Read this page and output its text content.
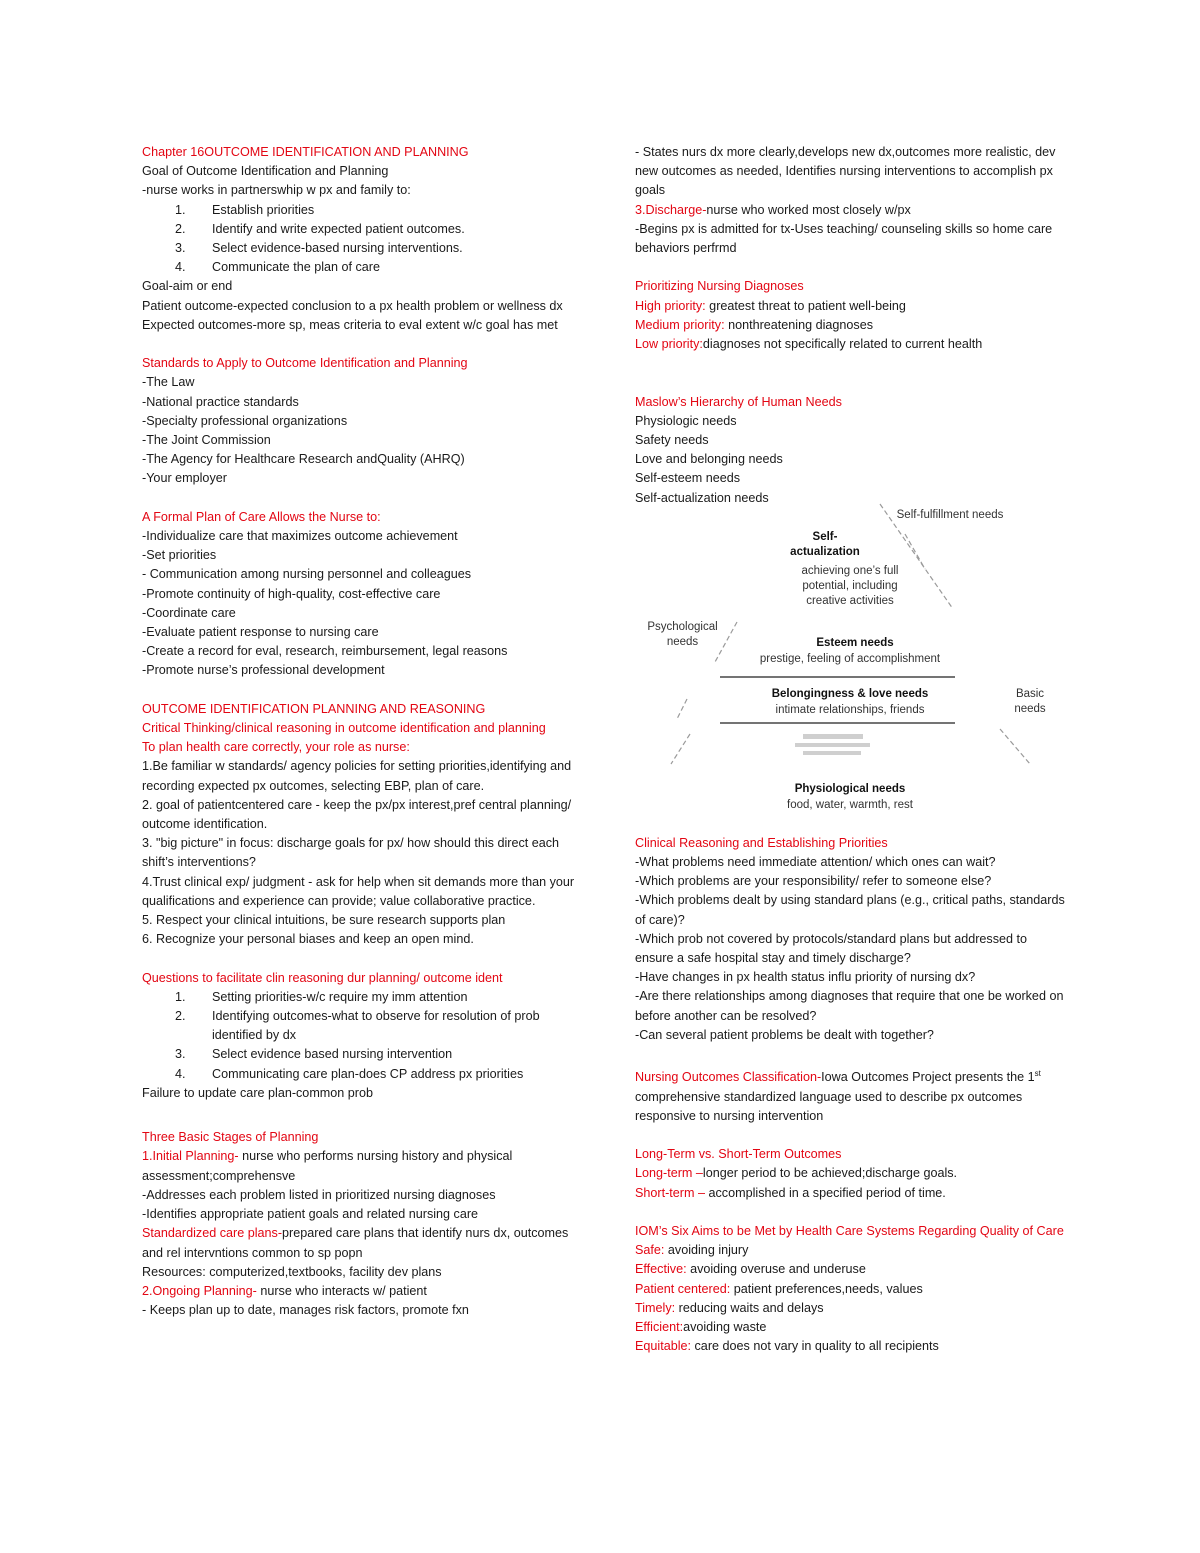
Chapter 16OUTCOME IDENTIFICATION AND PLANNING
Goal of Outcome Identification and Planning
-nurse works in partnerswhip w px and family to:
1.	Establish priorities
2.	Identify and write expected patient outcomes.
3.	Select evidence-based nursing interventions.
4.	Communicate the plan of care
Goal-aim or end
Patient outcome-expected conclusion to a px health problem or wellness dx
Expected outcomes-more sp, meas criteria to eval extent w/c goal has met
Standards to Apply to Outcome Identification and Planning
-The Law
-National practice standards
-Specialty professional organizations
-The Joint Commission
-The Agency for Healthcare Research andQuality (AHRQ)
-Your employer
A Formal Plan of Care Allows the Nurse to:
-Individualize care that maximizes outcome achievement
-Set priorities
- Communication among nursing personnel and colleagues
-Promote continuity of high-quality, cost-effective care
-Coordinate care
-Evaluate patient response to nursing care
-Create a record for eval, research, reimbursement, legal reasons
-Promote nurse’s professional development
OUTCOME IDENTIFICATION PLANNING AND REASONING
Critical Thinking/clinical reasoning in outcome identification and planning
To plan health care correctly, your role as nurse:
1.Be familiar w standards/ agency policies for setting priorities,identifying and recording expected px outcomes, selecting EBP, plan of care.
2. goal of patientcentered care - keep the px/px interest,pref central planning/ outcome identification.
3. "big picture" in focus: discharge goals for px/ how should this direct each shift’s interventions?
4.Trust clinical exp/ judgment - ask for help when sit demands more than your qualifications and experience can provide; value collaborative practice.
5. Respect your clinical intuitions, be sure research supports plan
6. Recognize your personal biases and keep an open mind.
Questions to facilitate clin reasoning dur planning/ outcome ident
1.	Setting priorities-w/c require my imm attention
2.	Identifying outcomes-what to observe for resolution of prob identified by dx
3.	Select evidence based nursing intervention
4.	Communicating care plan-does CP address px priorities
Failure to update care plan-common prob
Three Basic Stages of Planning
1.Initial Planning- nurse who performs nursing history and physical assessment;comprehensve
-Addresses each problem listed in prioritized nursing diagnoses
-Identifies appropriate patient goals and related nursing care
Standardized care plans-prepared care plans that identify nurs dx, outcomes and rel intervntions common to sp popn
Resources: computerized,textbooks, facility dev plans
2.Ongoing Planning- nurse who interacts w/ patient
- Keeps plan up to date, manages risk factors, promote fxn
- States nurs dx more clearly,develops new dx,outcomes more realistic, dev new outcomes as needed, Identifies nursing interventions to accomplish px goals
3.Discharge-nurse who worked most closely w/px
-Begins px is admitted for tx-Uses teaching/ counseling skills so home care behaviors perfrmd
Prioritizing Nursing Diagnoses
High priority: greatest threat to patient well-being
Medium priority: nonthreatening diagnoses
Low priority:diagnoses not specifically related to current health
Maslow’s Hierarchy of Human Needs
Physiologic needs
Safety needs
Love and belonging needs
Self-esteem needs
Self-actualization needs
Self-fulfillment needs
Self-actualization
achieving one’s full potential, including creative activities
Psychological needs	Esteem needs
prestige, feeling of accomplishment
Belongingness & love needs
intimate relationships, friends
Basic needs
Physiological needs
food, water, warmth, rest
Clinical Reasoning and Establishing Priorities
-What problems need immediate attention/ which ones can wait?
-Which problems are your responsibility/ refer to someone else?
-Which problems dealt by using standard plans (e.g., critical paths, standards of care)?
-Which prob not covered by protocols/standard plans but addressed to ensure a safe hospital stay and timely discharge?
-Have changes in px health status influ priority of nursing dx?
-Are there relationships among diagnoses that require that one be worked on before another can be resolved?
-Can several patient problems be dealt with together?
Nursing Outcomes Classification-Iowa Outcomes Project presents the 1st comprehensive standardized language used to describe px outcomes responsive to nursing intervention
Long-Term vs. Short-Term Outcomes
Long-term –longer period to be achieved;discharge goals.
Short-term – accomplished in a specified period of time.
IOM’s Six Aims to be Met by Health Care Systems Regarding Quality of Care
Safe: avoiding injury
Effective: avoiding overuse and underuse
Patient centered: patient preferences,needs, values
Timely: reducing waits and delays
Efficient:avoiding waste
Equitable: care does not vary in quality to all recipients
